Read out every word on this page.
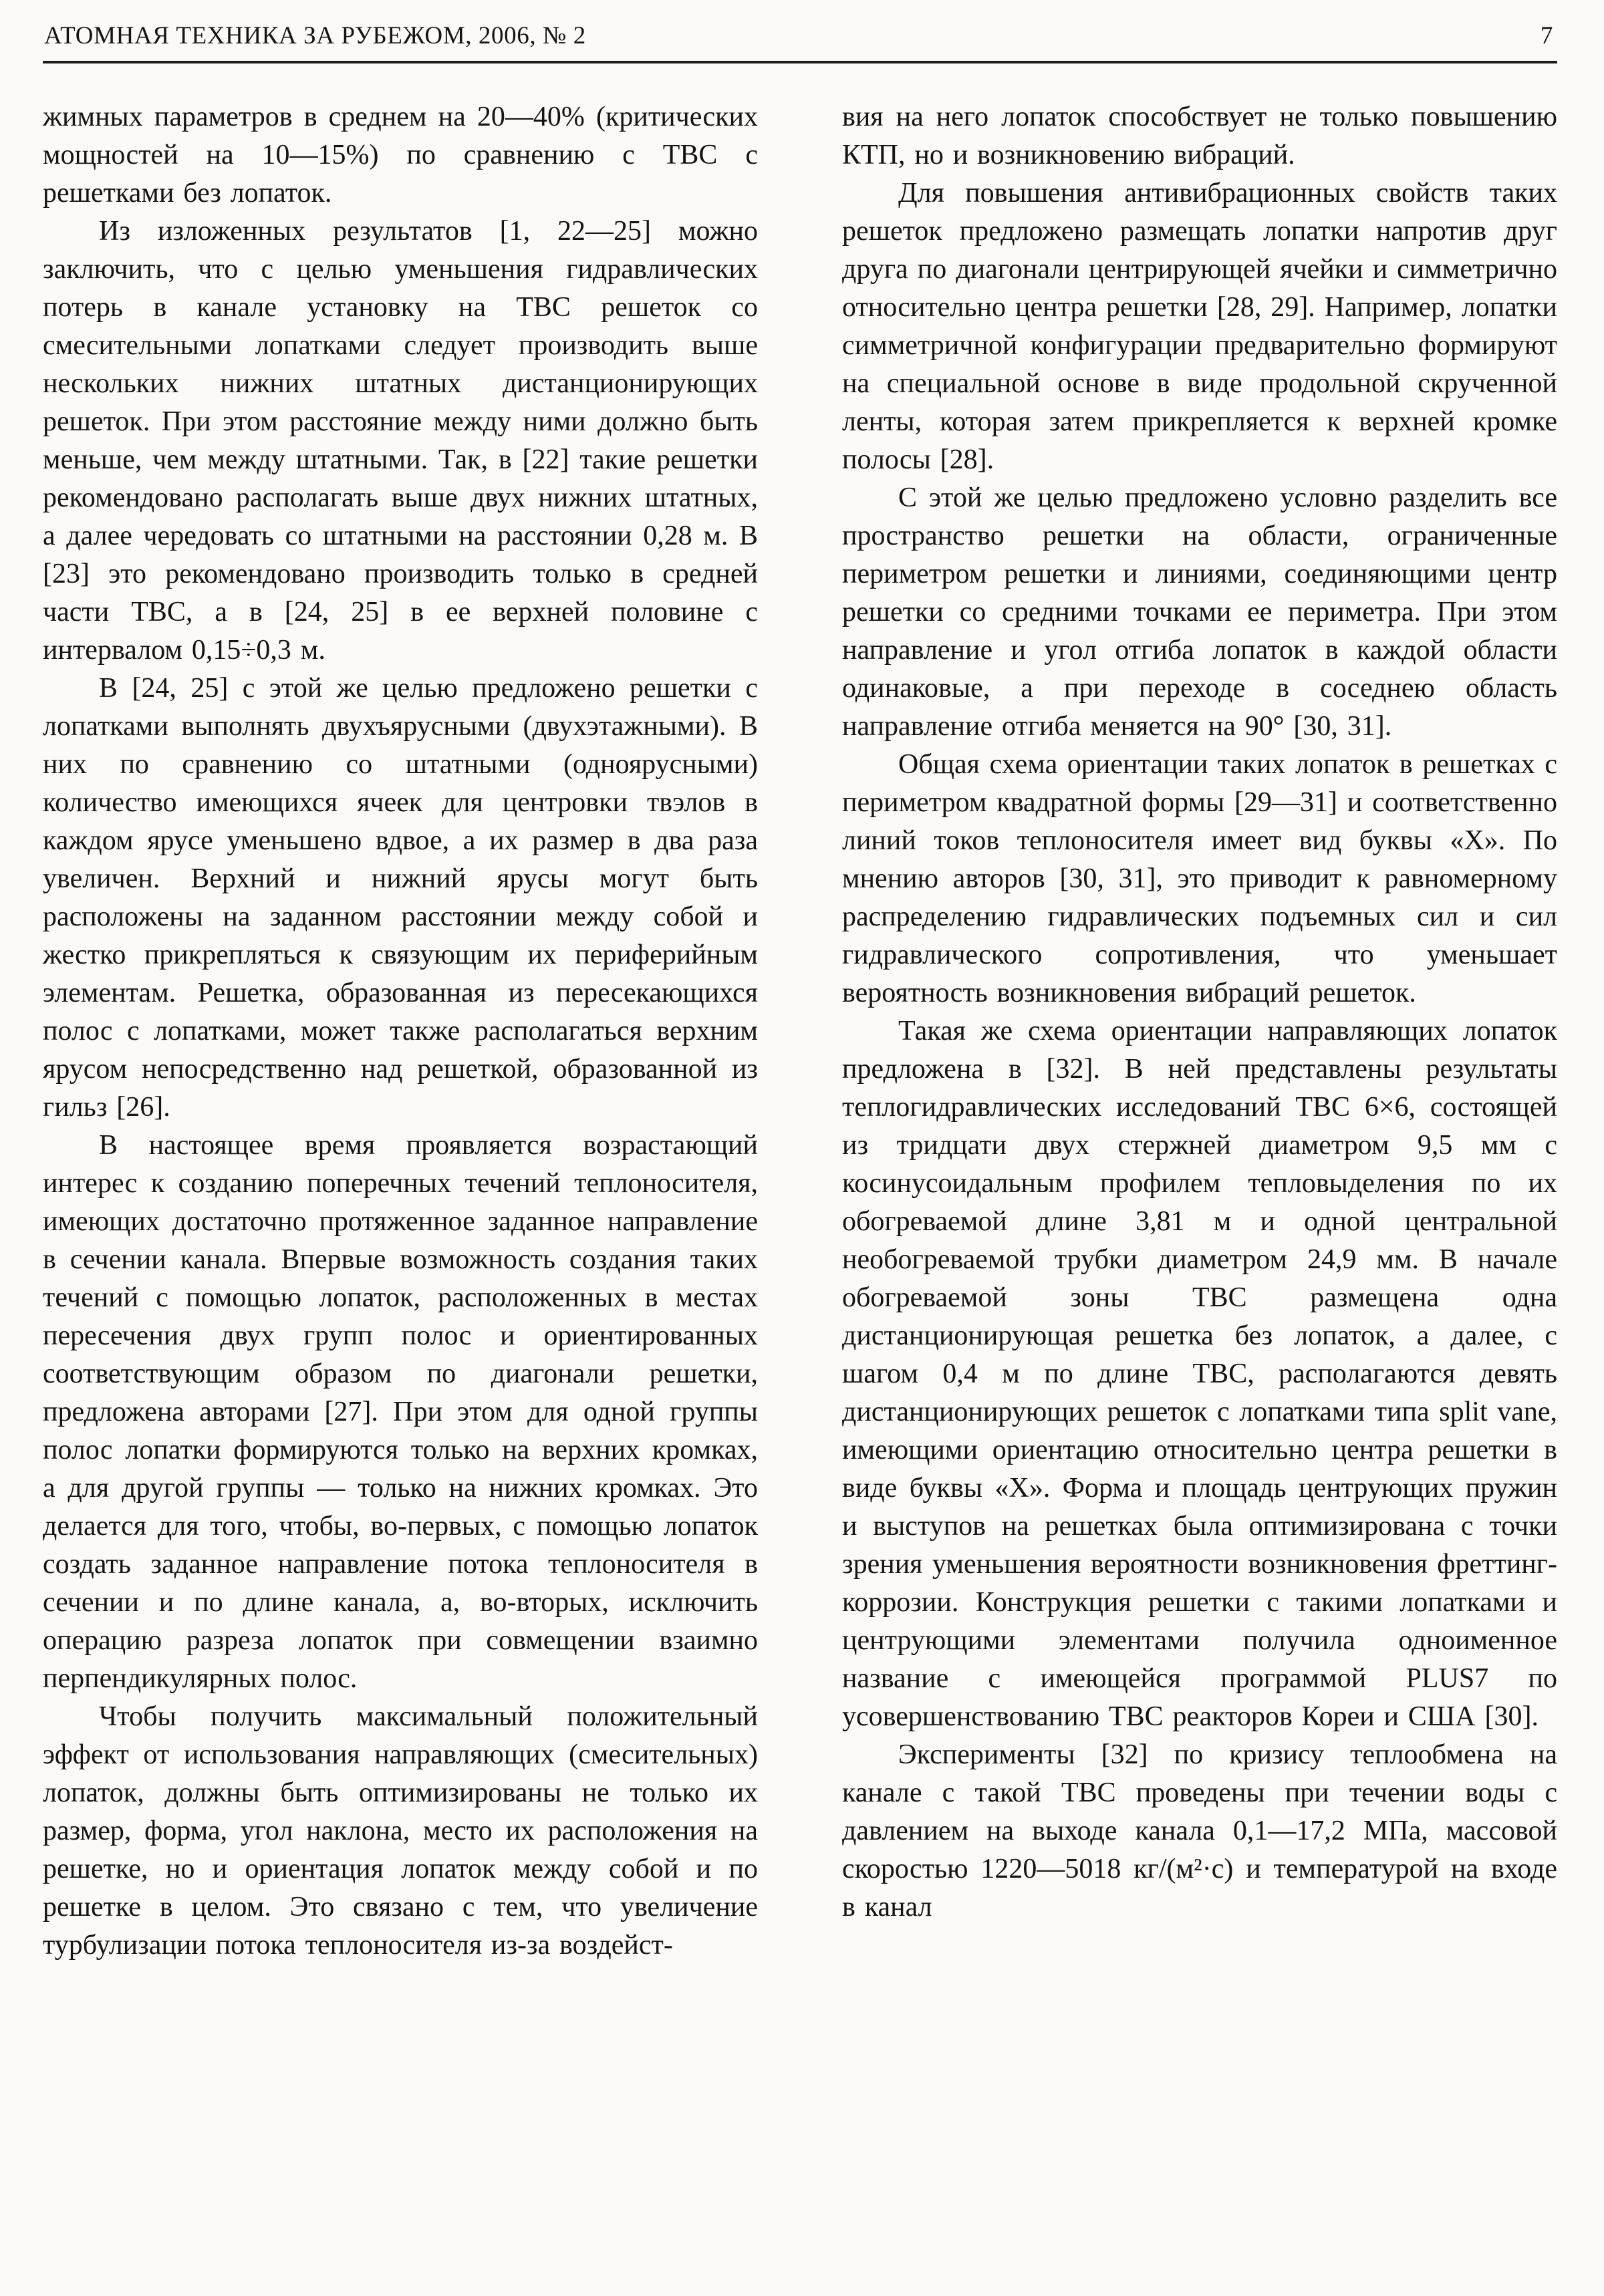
АТОМНАЯ ТЕХНИКА ЗА РУБЕЖОМ, 2006, № 2	7

жимных параметров в среднем на 20—40% (критических мощностей на 10—15%) по сравнению с ТВС с решетками без лопаток.

Из изложенных результатов [1, 22—25] можно заключить, что с целью уменьшения гидравлических потерь в канале установку на ТВС решеток со смесительными лопатками следует производить выше нескольких нижних штатных дистанционирующих решеток. При этом расстояние между ними должно быть меньше, чем между штатными. Так, в [22] такие решетки рекомендовано располагать выше двух нижних штатных, а далее чередовать со штатными на расстоянии 0,28 м. В [23] это рекомендовано производить только в средней части ТВС, а в [24, 25] в ее верхней половине с интервалом 0,15÷0,3 м.

В [24, 25] с этой же целью предложено решетки с лопатками выполнять двухъярусными (двухэтажными). В них по сравнению со штатными (одноярусными) количество имеющихся ячеек для центровки твэлов в каждом ярусе уменьшено вдвое, а их размер в два раза увеличен. Верхний и нижний ярусы могут быть расположены на заданном расстоянии между собой и жестко прикрепляться к связующим их периферийным элементам. Решетка, образованная из пересекающихся полос с лопатками, может также располагаться верхним ярусом непосредственно над решеткой, образованной из гильз [26].

В настоящее время проявляется возрастающий интерес к созданию поперечных течений теплоносителя, имеющих достаточно протяженное заданное направление в сечении канала. Впервые возможность создания таких течений с помощью лопаток, расположенных в местах пересечения двух групп полос и ориентированных соответствующим образом по диагонали решетки, предложена авторами [27]. При этом для одной группы полос лопатки формируются только на верхних кромках, а для другой группы — только на нижних кромках. Это делается для того, чтобы, во-первых, с помощью лопаток создать заданное направление потока теплоносителя в сечении и по длине канала, а, во-вторых, исключить операцию разреза лопаток при совмещении взаимно перпендикулярных полос.

Чтобы получить максимальный положительный эффект от использования направляющих (смесительных) лопаток, должны быть оптимизированы не только их размер, форма, угол наклона, место их расположения на решетке, но и ориентация лопаток между собой и по решетке в целом. Это связано с тем, что увеличение турбулизации потока теплоносителя из-за воздейст-

вия на него лопаток способствует не только повышению КТП, но и возникновению вибраций.

Для повышения антивибрационных свойств таких решеток предложено размещать лопатки напротив друг друга по диагонали центрирующей ячейки и симметрично относительно центра решетки [28, 29]. Например, лопатки симметричной конфигурации предварительно формируют на специальной основе в виде продольной скрученной ленты, которая затем прикрепляется к верхней кромке полосы [28].

С этой же целью предложено условно разделить все пространство решетки на области, ограниченные периметром решетки и линиями, соединяющими центр решетки со средними точками ее периметра. При этом направление и угол отгиба лопаток в каждой области одинаковые, а при переходе в соседнею область направление отгиба меняется на 90° [30, 31].

Общая схема ориентации таких лопаток в решетках с периметром квадратной формы [29—31] и соответственно линий токов теплоносителя имеет вид буквы «X». По мнению авторов [30, 31], это приводит к равномерному распределению гидравлических подъемных сил и сил гидравлического сопротивления, что уменьшает вероятность возникновения вибраций решеток.

Такая же схема ориентации направляющих лопаток предложена в [32]. В ней представлены результаты теплогидравлических исследований ТВС 6×6, состоящей из тридцати двух стержней диаметром 9,5 мм с косинусоидальным профилем тепловыделения по их обогреваемой длине 3,81 м и одной центральной необогреваемой трубки диаметром 24,9 мм. В начале обогреваемой зоны ТВС размещена одна дистанционирующая решетка без лопаток, а далее, с шагом 0,4 м по длине ТВС, располагаются девять дистанционирующих решеток с лопатками типа split vane, имеющими ориентацию относительно центра решетки в виде буквы «X». Форма и площадь центрующих пружин и выступов на решетках была оптимизирована с точки зрения уменьшения вероятности возникновения фреттинг-коррозии. Конструкция решетки с такими лопатками и центрующими элементами получила одноименное название с имеющейся программой PLUS7 по усовершенствованию ТВС реакторов Кореи и США [30].

Эксперименты [32] по кризису теплообмена на канале с такой ТВС проведены при течении воды с давлением на выходе канала 0,1—17,2 МПа, массовой скоростью 1220—5018 кг/(м²·с) и температурой на входе в канал
